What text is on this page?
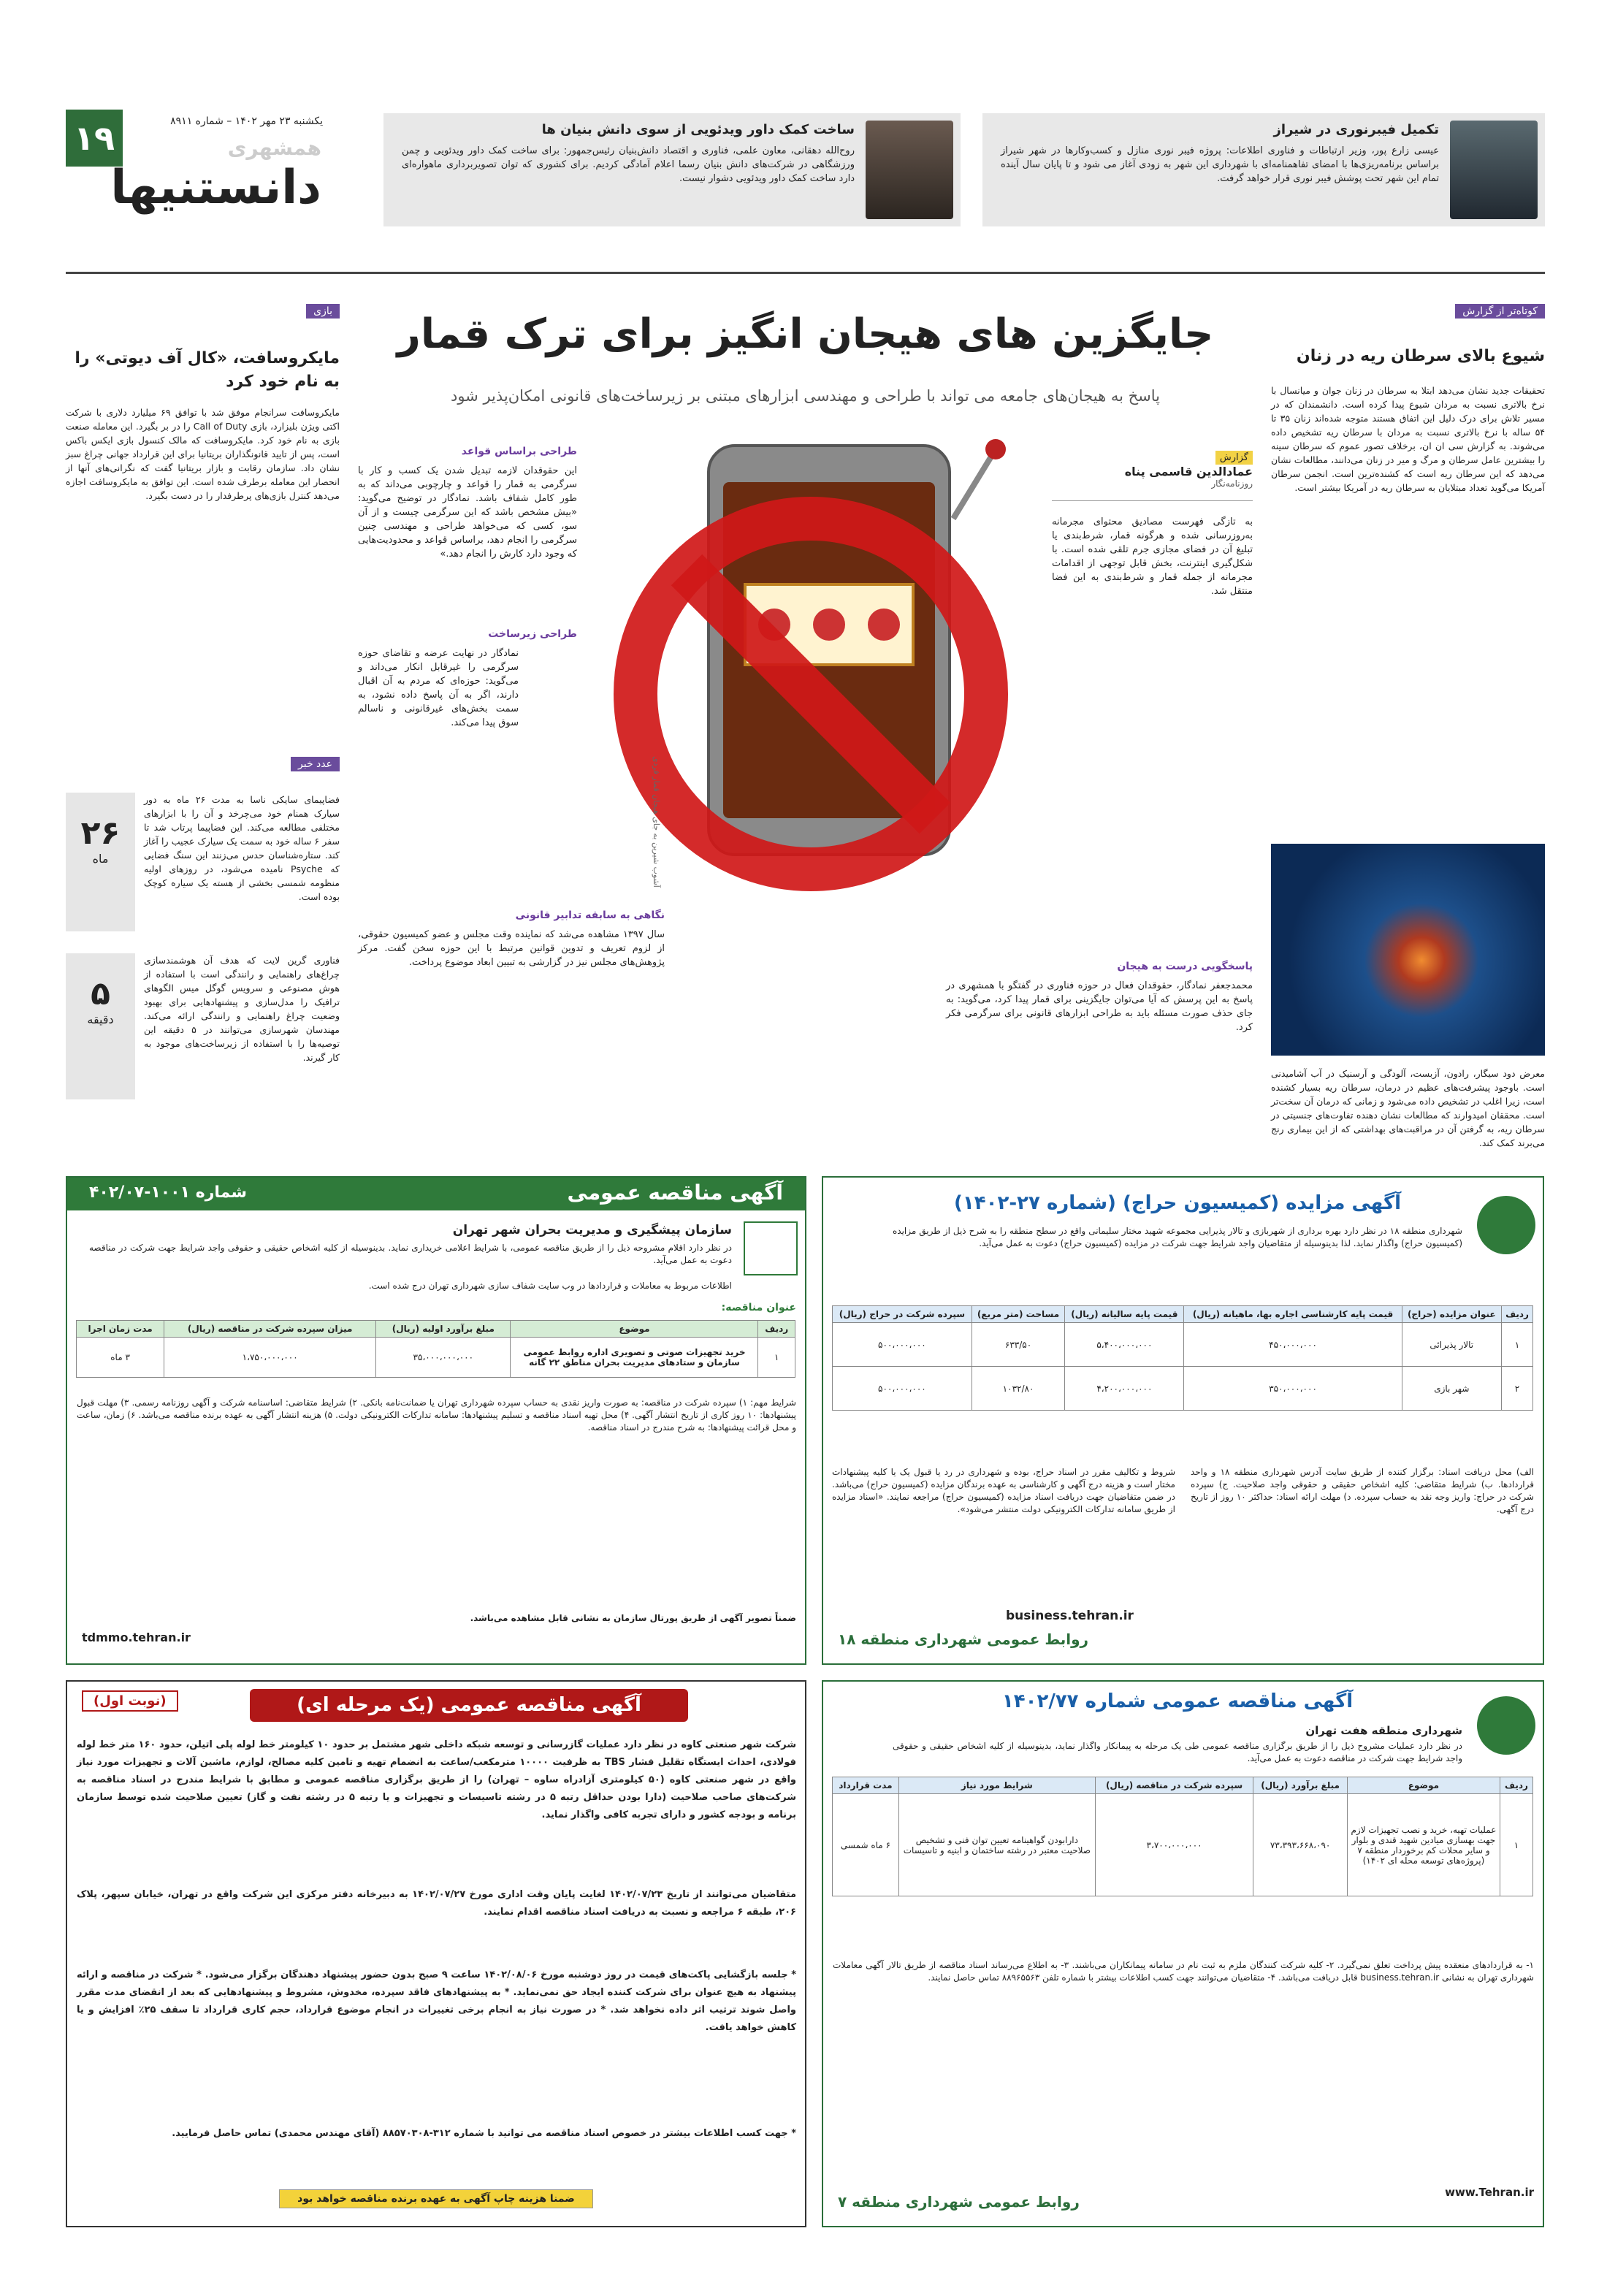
۱۹	یکشنبه ۲۳ مهر ۱۴۰۲ – شماره ۸۹۱۱
همشهری
دانستنیها
ساخت کمک داور ویدئویی از سوی دانش بنیان ها
روح‌الله دهقانی، معاون علمی، فناوری و اقتصاد دانش‌بنیان رئیس‌جمهور: برای ساخت کمک داور ویدئویی و چمن ورزشگاهی در شرکت‌های دانش بنیان رسما اعلام آمادگی کردیم. برای کشوری که توان تصویربرداری ماهواره‌ای دارد ساخت کمک داور ویدئویی دشوار نیست.
تکمیل فیبرنوری در شیراز
عیسی زارع پور، وزیر ارتباطات و فناوری اطلاعات: پروژه فیبر نوری منازل و کسب‌وکارها در شهر شیراز براساس برنامه‌ریزی‌ها با امضای تفاهمنامه‌ای با شهرداری این شهر به زودی آغاز می شود و تا پایان سال آینده تمام این شهر تحت پوشش فیبر نوری قرار خواهد گرفت.
بازی
مایکروسافت، «کال آف دیوتی» را به نام خود کرد
مایکروسافت سرانجام موفق شد با توافق ۶۹ میلیارد دلاری با شرکت اکتی ویژن بلیزارد، بازی Call of Duty را در بر بگیرد. این معامله صنعت بازی به نام خود کرد. مایکروسافت که مالک کنسول بازی ایکس باکس است، پس از تایید قانونگذاران بریتانیا برای این قرارداد جهانی چراغ سبز نشان داد. سازمان رقابت و بازار بریتانیا گفت که نگرانی‌های آنها از انحصار این معامله برطرف شده است. این توافق به مایکروسافت اجازه می‌دهد کنترل بازی‌های پرطرفدار را در دست بگیرد.
عدد خبر
۲۶
ماه
فضاپیمای سایکی ناسا به مدت ۲۶ ماه به دور سیارک همنام خود می‌چرخد و آن را با ابزارهای مختلفی مطالعه می‌کند. این فضاپیما پرتاب شد تا سفر ۶ ساله خود به سمت یک سیارک عجیب را آغاز کند. ستاره‌شناسان حدس می‌زنند این سنگ فضایی که Psyche نامیده می‌شود، در روزهای اولیه منظومه شمسی بخشی از هسته یک سیاره کوچک بوده است.
۵
دقیقه
فناوری گرین لایت که هدف آن هوشمندسازی چراغ‌های راهنمایی و رانندگی است با استفاده از هوش مصنوعی و سرویس گوگل میس الگوهای ترافیک را مدل‌سازی و پیشنهادهایی برای بهبود وضعیت چراغ راهنمایی و رانندگی ارائه می‌کند. مهندسان شهرسازی می‌توانند در ۵ دقیقه این توصیه‌ها را با استفاده از زیرساخت‌های موجود به کار گیرند.
جایگزین های هیجان انگیز برای ترک قمار
پاسخ به هیجان‌های جامعه می تواند با طراحی و مهندسی ابزارهای مبتنی بر زیرساخت‌های قانونی امکان‌پذیر شود
آشوب شیرین به جای هیجان قمار فردی
گزارش
عمادالدین قاسمی پناه
روزنامه‌نگار
به تازگی فهرست مصادیق محتوای مجرمانه به‌روزرسانی شده و هرگونه قمار، شرط‌بندی یا تبلیغ آن در فضای مجازی جرم تلقی شده است. با شکل‌گیری اینترنت، بخش قابل توجهی از اقدامات مجرمانه از جمله قمار و شرط‌بندی به این فضا منتقل شد.
طراحی براساس قواعد
این حقوقدان لازمه تبدیل شدن یک کسب و کار با سرگرمی به قمار را قواعد و چارچوبی می‌داند که به طور کامل شفاف باشد. نمادگار در توضیح می‌گوید: «بیش مشخص باشد که این سرگرمی چیست و از آن سو، کسی که می‌خواهد طراحی و مهندسی چنین سرگرمی را انجام دهد، براساس قواعد و محدودیت‌هایی که وجود دارد کارش را انجام دهد.»
طراحی زیرساخت
نمادگار در نهایت عرضه و تقاضای حوزه سرگرمی را غیرقابل انکار می‌داند و می‌گوید: حوزه‌ای که مردم به آن اقبال دارند، اگر به آن پاسخ داده نشود، به سمت بخش‌های غیرقانونی و ناسالم سوق پیدا می‌کند.
نگاهی به سابقه تدابیر قانونی
سال ۱۳۹۷ مشاهده می‌شد که نماینده وقت مجلس و عضو کمیسیون حقوقی، از لزوم تعریف و تدوین قوانین مرتبط با این حوزه سخن گفت. مرکز پژوهش‌های مجلس نیز در گزارشی به تبیین ابعاد موضوع پرداخت.	پاسخگویی درست به هیجان
محمدجعفر نمادگار، حقوقدان فعال در حوزه فناوری در گفتگو با همشهری در پاسخ به این پرسش که آیا می‌توان جایگزینی برای قمار پیدا کرد، می‌گوید: به جای حذف صورت مسئله باید به طراحی ابزارهای قانونی برای سرگرمی فکر کرد.
کوتاه‌تر از گزارش
شیوع بالای سرطان ریه در زنان
تحقیقات جدید نشان می‌دهد ابتلا به سرطان در زنان جوان و میانسال با نرخ بالاتری نسبت به مردان شیوع پیدا کرده است. دانشمندان که در مسیر تلاش برای درک دلیل این اتفاق هستند متوجه شده‌اند زنان ۳۵ تا ۵۴ ساله با نرخ بالاتری نسبت به مردان با سرطان ریه تشخیص داده می‌شوند. به گزارش سی ان ان، برخلاف تصور عموم که سرطان سینه را بیشترین عامل سرطان و مرگ و میر در زنان می‌دانند، مطالعات نشان می‌دهد که این سرطان ریه است که کشنده‌ترین است. انجمن سرطان آمریکا می‌گوید تعداد مبتلایان به سرطان ریه در آمریکا بیشتر است.
معرض دود سیگار، رادون، آزبست، آلودگی و آرسنیک در آب آشامیدنی است. باوجود پیشرفت‌های عظیم در درمان، سرطان ریه بسیار کشنده است، زیرا اغلب در تشخیص داده می‌شود و زمانی که درمان آن سخت‌تر است. محققان امیدوارند که مطالعات نشان دهنده تفاوت‌های جنسیتی در سرطان ریه، به گرفتن آن در مراقبت‌های بهداشتی که از این بیماری رنج می‌برند کمک کند.
آگهی مزایده (کمیسیون حراج) (شماره ۲۷-۱۴۰۲)
شهرداری منطقه ۱۸ در نظر دارد بهره برداری از شهربازی و تالار پذیرایی مجموعه شهید مختار سلیمانی واقع در سطح منطقه را به شرح ذیل از طریق مزایده (کمیسیون حراج) واگذار نماید. لذا بدینوسیله از متقاضیان واجد شرایط جهت شرکت در مزایده (کمیسیون حراج) دعوت به عمل می‌آید.
ردیف	عنوان مزایده (حراج)	قیمت پایه کارشناسی اجاره بها، ماهیانه (ریال)	قیمت پایه سالیانه (ریال)	مساحت (متر مربع)	سپرده شرکت در حراج (ریال)
۱	تالار پذیرائی	۴۵۰،۰۰۰،۰۰۰	۵،۴۰۰،۰۰۰،۰۰۰	۶۳۳/۵۰	۵۰۰،۰۰۰،۰۰۰
۲	شهر بازی	۳۵۰،۰۰۰،۰۰۰	۴،۲۰۰،۰۰۰،۰۰۰	۱۰۳۲/۸۰	۵۰۰،۰۰۰،۰۰۰
الف) محل دریافت اسناد: برگزار کننده از طریق سایت آدرس شهرداری منطقه ۱۸ و واحد قراردادها. ب) شرایط متقاضی: کلیه اشخاص حقیقی و حقوقی واجد صلاحیت. ج) سپرده شرکت در حراج: واریز وجه نقد به حساب سپرده. د) مهلت ارائه اسناد: حداکثر ۱۰ روز از تاریخ درج آگهی.
شروط و تکالیف مقرر در اسناد حراج، بوده و شهرداری در رد یا قبول یک یا کلیه پیشنهادات مختار است و هزینه درج آگهی و کارشناسی به عهده برندگان مزایده (کمیسیون حراج) می‌باشد. در ضمن متقاضیان جهت دریافت اسناد مزایده (کمیسیون حراج) مراجعه نمایند. «اسناد مزایده از طریق سامانه تدارکات الکترونیکی دولت منتشر می‌شود».
business.tehran.ir
روابط عمومی شهرداری منطقه ۱۸
آگهی مناقصه عمومی
شماره ۱۰۰۱-۴۰۲/۰۷
سازمان پیشگیری و مدیریت بحران شهر تهران
در نظر دارد اقلام مشروحه ذیل را از طریق مناقصه عمومی، با شرایط اعلامی خریداری نماید. بدینوسیله از کلیه اشخاص حقیقی و حقوقی واجد شرایط جهت شرکت در مناقصه دعوت به عمل می‌آید.
اطلاعات مربوط به معاملات و قراردادها در وب سایت شفاف سازی شهرداری تهران درج شده است.
عنوان مناقصه:
ردیف	موضوع	مبلغ برآورد اولیه (ریال)	میزان سپرده شرکت در مناقصه (ریال)	مدت زمان اجرا
۱	خرید تجهیزات صوتی و تصویری اداره روابط عمومی سازمان و ستادهای مدیریت بحران مناطق ۲۲ گانه	۳۵،۰۰۰،۰۰۰،۰۰۰	۱،۷۵۰،۰۰۰،۰۰۰	۳ ماه
شرایط مهم: ۱) سپرده شرکت در مناقصه: به صورت واریز نقدی به حساب سپرده شهرداری تهران یا ضمانت‌نامه بانکی. ۲) شرایط متقاضی: اساسنامه شرکت و آگهی روزنامه رسمی. ۳) مهلت قبول پیشنهادها: ۱۰ روز کاری از تاریخ انتشار آگهی. ۴) محل تهیه اسناد مناقصه و تسلیم پیشنهادها: سامانه تدارکات الکترونیکی دولت. ۵) هزینه انتشار آگهی به عهده برنده مناقصه می‌باشد. ۶) زمان، ساعت و محل قرائت پیشنهادها: به شرح مندرج در اسناد مناقصه.
ضمناً تصویر آگهی از طریق پورتال سازمان به نشانی قابل مشاهده می‌باشد.
tdmmo.tehran.ir
آگهی مناقصه عمومی شماره ۱۴۰۲/۷۷
شهرداری منطقه هفت تهران
در نظر دارد عملیات مشروح ذیل را از طریق برگزاری مناقصه عمومی طی یک مرحله به پیمانکار واگذار نماید، بدینوسیله از کلیه اشخاص حقیقی و حقوقی واجد شرایط جهت شرکت در مناقصه دعوت به عمل می‌آید.
ردیف	موضوع	مبلغ برآورد (ریال)	سپرده شرکت در مناقصه (ریال)	شرایط مورد نیاز	مدت قرارداد
۱	عملیات تهیه، خرید و نصب تجهیزات لازم جهت بهسازی میادین شهید قندی و بلوار و سایر محلات کم برخوردار منطقه ۷ (پروژه‌های توسعه محله ای ۱۴۰۲)	۷۳،۳۹۳،۶۶۸،۰۹۰	۳،۷۰۰،۰۰۰،۰۰۰	دارابودن گواهینامه تعیین توان فنی و تشخیص صلاحیت معتبر در رشته ساختمان و ابنیه و تاسیسات	۶ ماه شمسی
۱- به قراردادهای منعقده پیش پرداخت تعلق نمی‌گیرد. ۲- کلیه شرکت کنندگان ملزم به ثبت نام در سامانه پیمانکاران می‌باشند. ۳- به اطلاع می‌رساند اسناد مناقصه از طریق تالار آگهی معاملات شهرداری تهران به نشانی business.tehran.ir قابل دریافت می‌باشد. ۴- متقاضیان می‌توانند جهت کسب اطلاعات بیشتر با شماره تلفن ۸۸۹۶۵۵۶۳ تماس حاصل نمایند.
www.Tehran.ir
روابط عمومی شهرداری منطقه ۷
(نوبت اول)	آگهی مناقصه عمومی (یک مرحله ای)
شرکت شهر صنعتی کاوه در نظر دارد عملیات گازرسانی و توسعه شبکه داخلی شهر مشتمل بر حدود ۱۰ کیلومتر خط لوله پلی اتیلن، حدود ۱۶۰ متر خط لوله فولادی، احداث ایستگاه تقلیل فشار TBS به ظرفیت ۱۰۰۰۰ مترمکعب/ساعت به انضمام تهیه و تامین کلیه مصالح، لوازم، ماشین آلات و تجهیزات مورد نیاز واقع در شهر صنعتی کاوه (۵۰ کیلومتری آزادراه ساوه – تهران) را از طریق برگزاری مناقصه عمومی و مطابق با شرایط مندرج در اسناد مناقصه به شرکت‌های صاحب صلاحیت (دارا بودن حداقل رتبه ۵ در رشته تاسیسات و تجهیزات و یا رتبه ۵ در رشته نفت و گاز) تعیین صلاحیت شده توسط سازمان برنامه و بودجه کشور و دارای تجربه کافی واگذار نماید.
متقاضیان می‌توانند از تاریخ ۱۴۰۲/۰۷/۲۳ لغایت پایان وقت اداری مورخ ۱۴۰۲/۰۷/۲۷ به دبیرخانه دفتر مرکزی این شرکت واقع در تهران، خیابان سپهر، پلاک ۲۰۶، طبقه ۶ مراجعه و نسبت به دریافت اسناد مناقصه اقدام نمایند.
* جلسه بازگشایی پاکت‌های قیمت در روز دوشنبه مورخ ۱۴۰۲/۰۸/۰۶ ساعت ۹ صبح بدون حضور پیشنهاد دهندگان برگزار می‌شود. * شرکت در مناقصه و ارائه پیشنهاد به هیچ عنوان برای شرکت کننده ایجاد حق نمی‌نماید. * به پیشنهادهای فاقد سپرده، مخدوش، مشروط و پیشنهادهایی که بعد از انقضای مدت مقرر واصل شوند ترتیب اثر داده نخواهد شد. * در صورت نیاز به انجام برخی تغییرات در انجام موضوع قرارداد، حجم کاری قرارداد تا سقف ۲۵٪ افزایش و یا کاهش خواهد یافت.
* جهت کسب اطلاعات بیشتر در خصوص اسناد مناقصه می توانید با شماره ۳۱۲-۸۸۵۷۰۳۰۸ (آقای مهندس محمدی) تماس حاصل فرمایید.
ضمنا هزینه چاپ آگهی به عهده برنده مناقصه خواهد بود
